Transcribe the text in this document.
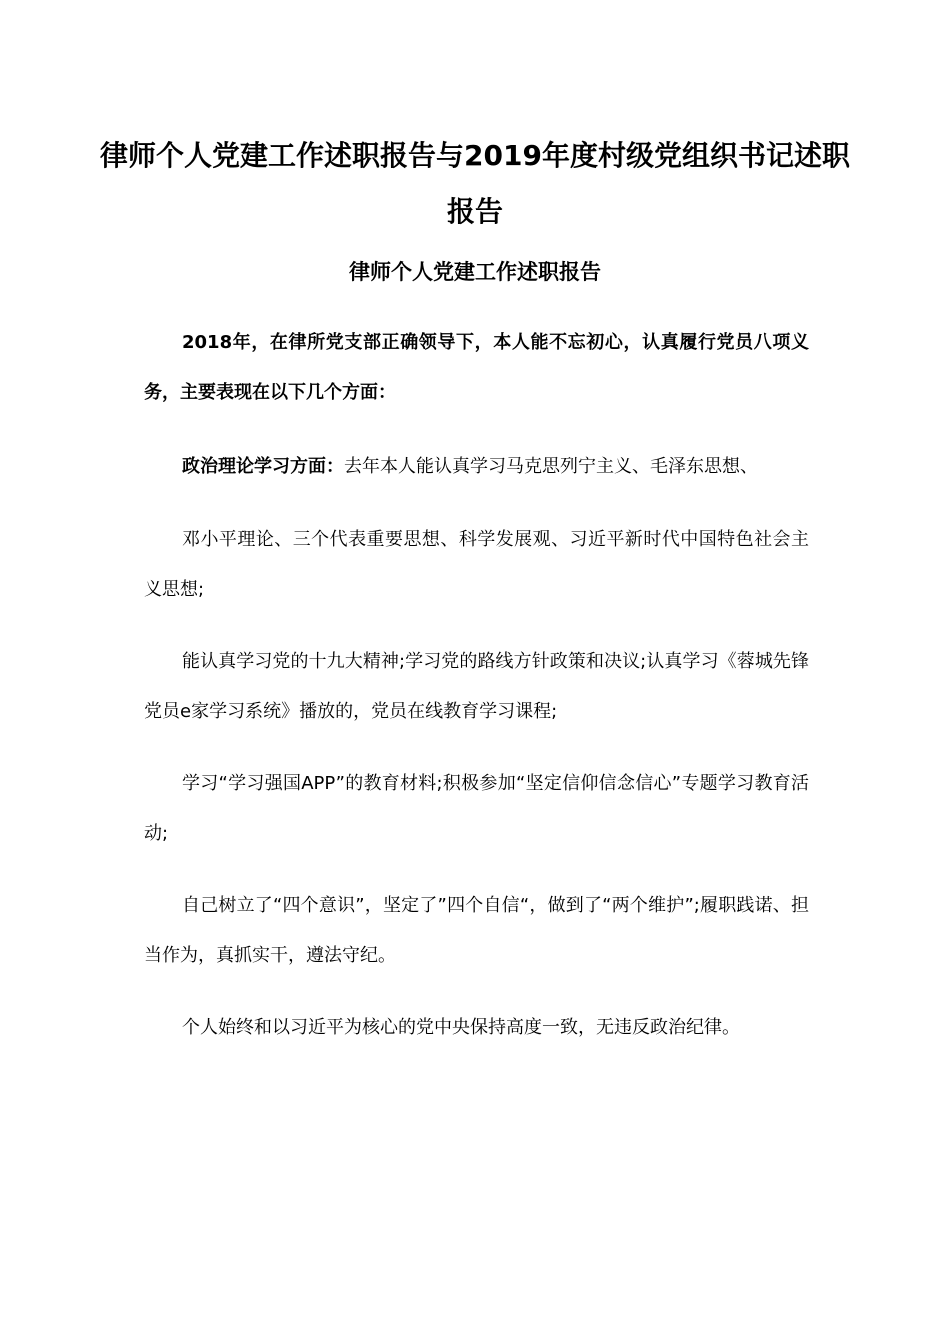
律师个人党建工作述职报告与2019年度村级党组织书记述职报告
律师个人党建工作述职报告

2018年，在律所党支部正确领导下，本人能不忘初心，认真履行党员八项义务，主要表现在以下几个方面：

政治理论学习方面：去年本人能认真学习马克思列宁主义、毛泽东思想、

邓小平理论、三个代表重要思想、科学发展观、习近平新时代中国特色社会主义思想;

能认真学习党的十九大精神;学习党的路线方针政策和决议;认真学习《蓉城先锋党员e家学习系统》播放的，党员在线教育学习课程;

学习“学习强国APP”的教育材料;积极参加“坚定信仰信念信心”专题学习教育活动;

自己树立了“四个意识”，坚定了”四个自信“，做到了“两个维护”;履职践诺、担当作为，真抓实干，遵法守纪。

个人始终和以习近平为核心的党中央保持高度一致，无违反政治纪律。
